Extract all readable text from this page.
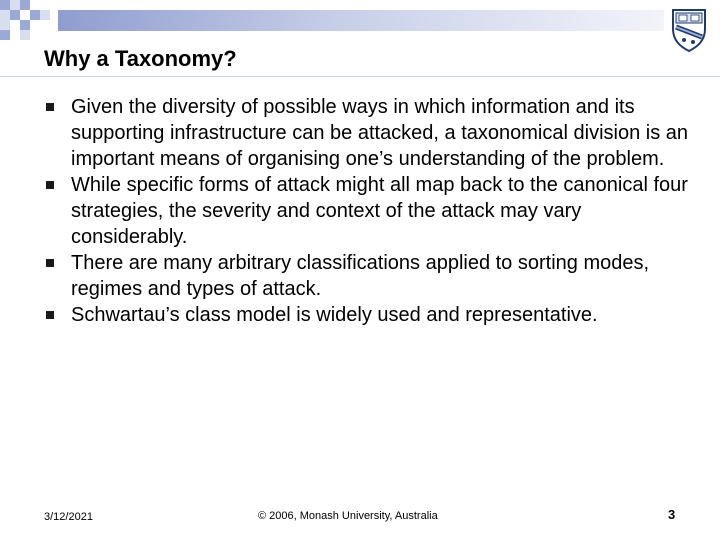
Why a Taxonomy?
Given the diversity of possible ways in which information and its supporting infrastructure can be attacked, a taxonomical division is an important means of organising one’s understanding of the problem.
While specific forms of attack might all map back to the canonical four strategies, the severity and context of the attack may vary considerably.
There are many arbitrary classifications applied to sorting modes, regimes and types of attack.
Schwartau’s class model is widely used and representative.
3/12/2021	© 2006, Monash University, Australia	3
